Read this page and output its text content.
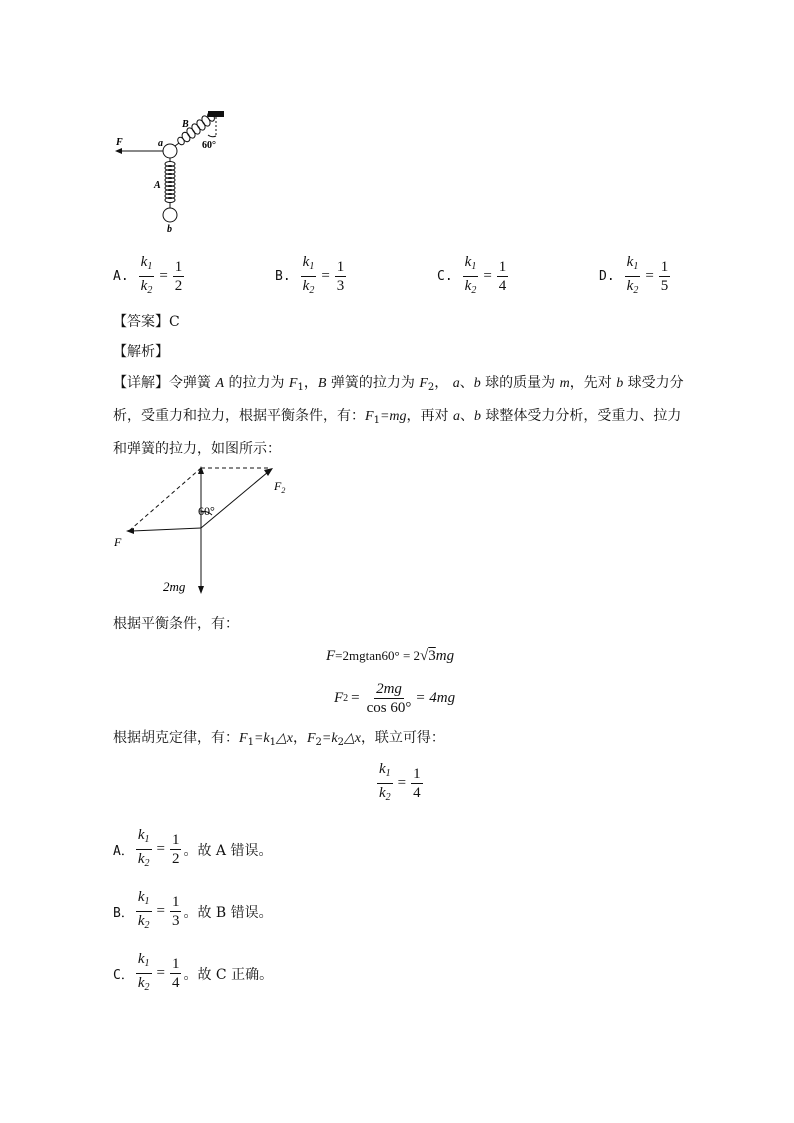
60°
B
a
F
A
b
A. $\frac{k_1}{k_2} = \frac{1}{2}$	B. $\frac{k_1}{k_2} = \frac{1}{3}$	C. $\frac{k_1}{k_2} = \frac{1}{4}$	D. $\frac{k_1}{k_2} = \frac{1}{5}$
【答案】C
【解析】
【详解】令弹簧 A 的拉力为 $F_1$，B 弹簧的拉力为 $F_2$， a、b 球的质量为 m，先对 b 球受力分析，受重力和拉力，根据平衡条件，有：$F_1=mg$，再对 a、b 球整体受力分析，受重力、拉力和弹簧的拉力，如图所示：
60°
$F_2$
F
2mg
根据平衡条件，有：
F=2mgtan60° = 2√3mg
F $2 = \frac{2mg}{\cos 60^\circ} = 4mg$
根据胡克定律，有：$F_1=k_1\triangle x$，$F_2=k_2\triangle x$，联立可得：
$\frac{k_1}{k_2} = \frac{1}{4}$
A． $\frac{k_1}{k_2} = \frac{1}{2}$ 。故 A 错误。
B． $\frac{k_1}{k_2} = \frac{1}{3}$ 。故 B 错误。
C． $\frac{k_1}{k_2} = \frac{1}{4}$ 。故 C 正确。
